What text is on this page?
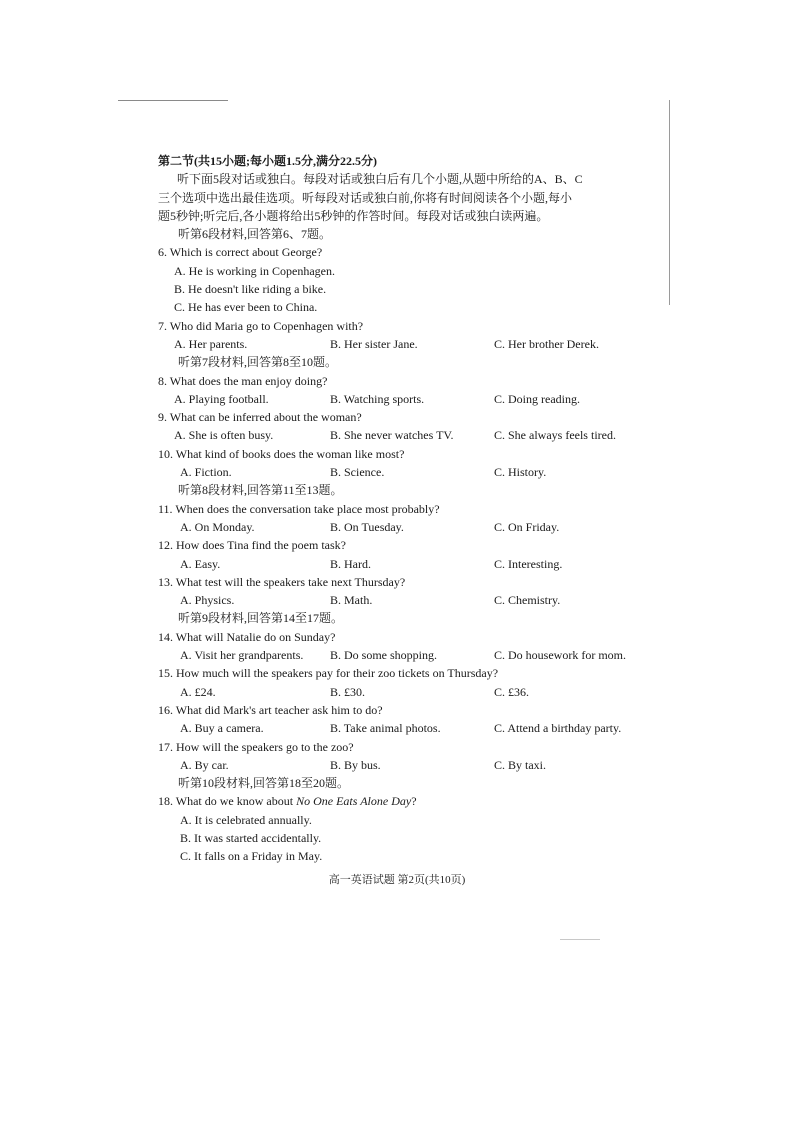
第二节(共15小题;每小题1.5分,满分22.5分)
听下面5段对话或独白。每段对话或独白后有几个小题,从题中所给的A、B、C
三个选项中选出最佳选项。听每段对话或独白前,你将有时间阅读各个小题,每小
题5秒钟;听完后,各小题将给出5秒钟的作答时间。每段对话或独白读两遍。
听第6段材料,回答第6、7题。
6. Which is correct about George?
A. He is working in Copenhagen.
B. He doesn't like riding a bike.
C. He has ever been to China.
7. Who did Maria go to Copenhagen with?
A. Her parents.	B. Her sister Jane.	C. Her brother Derek.
听第7段材料,回答第8至10题。
8. What does the man enjoy doing?
A. Playing football.	B. Watching sports.	C. Doing reading.
9. What can be inferred about the woman?
A. She is often busy.	B. She never watches TV.	C. She always feels tired.
10. What kind of books does the woman like most?
A. Fiction.	B. Science.	C. History.
听第8段材料,回答第11至13题。
11. When does the conversation take place most probably?
A. On Monday.	B. On Tuesday.	C. On Friday.
12. How does Tina find the poem task?
A. Easy.	B. Hard.	C. Interesting.
13. What test will the speakers take next Thursday?
A. Physics.	B. Math.	C. Chemistry.
听第9段材料,回答第14至17题。
14. What will Natalie do on Sunday?
A. Visit her grandparents. B. Do some shopping.	C. Do housework for mom.
15. How much will the speakers pay for their zoo tickets on Thursday?
A. £24.	B. £30.	C. £36.
16. What did Mark's art teacher ask him to do?
A. Buy a camera.	B. Take animal photos.	C. Attend a birthday party.
17. How will the speakers go to the zoo?
A. By car.	B. By bus.	C. By taxi.
听第10段材料,回答第18至20题。
18. What do we know about No One Eats Alone Day?
A. It is celebrated annually.
B. It was started accidentally.
C. It falls on a Friday in May.
高一英语试题 第2页(共10页)
